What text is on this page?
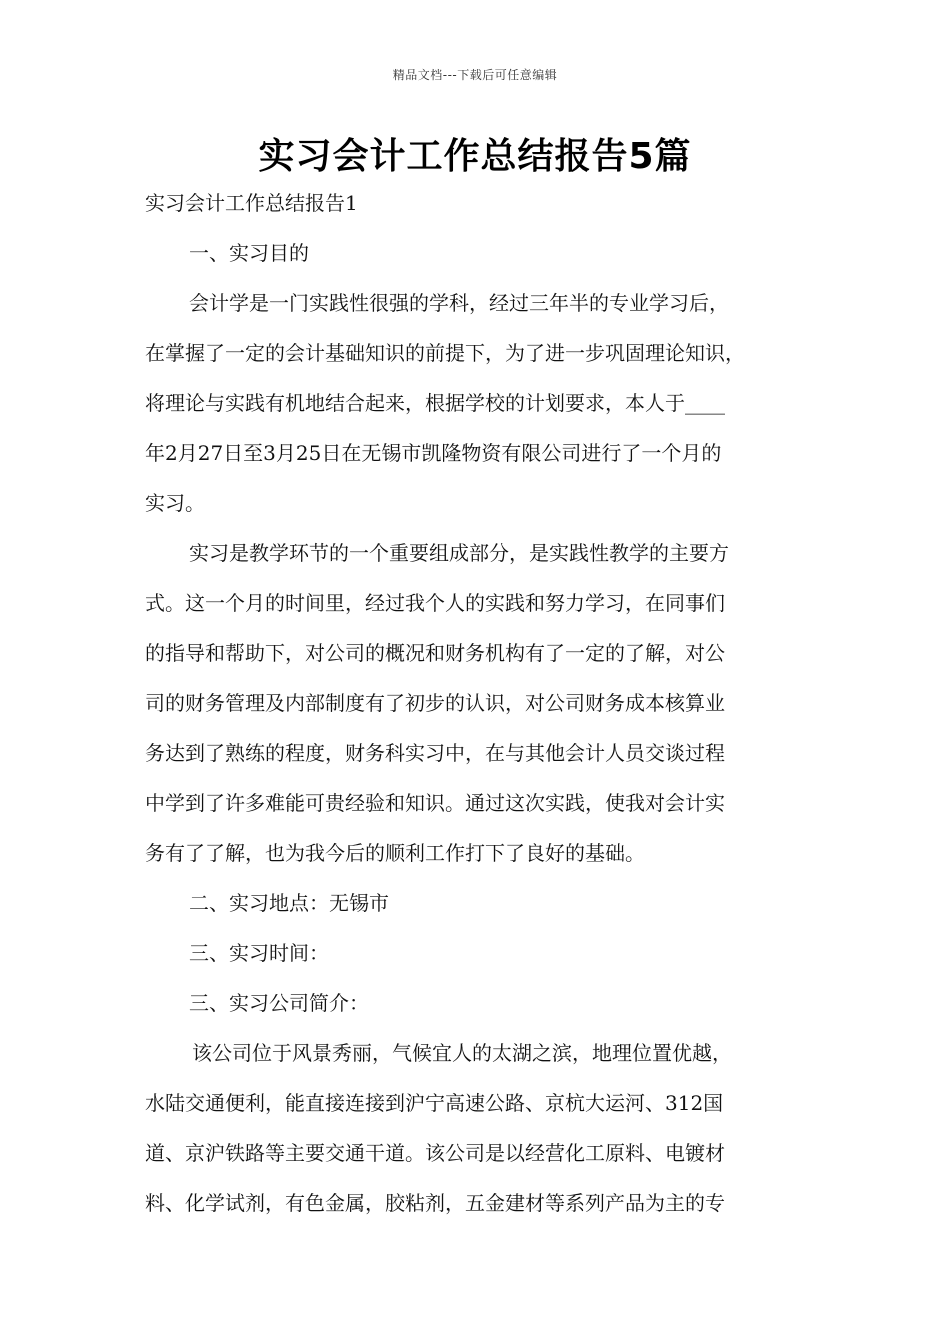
精品文档---下载后可任意编辑
实习会计工作总结报告5篇
实习会计工作总结报告1
一、实习目的
会计学是一门实践性很强的学科，经过三年半的专业学习后，
在掌握了一定的会计基础知识的前提下，为了进一步巩固理论知识，
将理论与实践有机地结合起来，根据学校的计划要求，本人于____
年2月27日至3月25日在无锡市凯隆物资有限公司进行了一个月的
实习。
实习是教学环节的一个重要组成部分，是实践性教学的主要方
式。这一个月的时间里，经过我个人的实践和努力学习，在同事们
的指导和帮助下，对公司的概况和财务机构有了一定的了解，对公
司的财务管理及内部制度有了初步的认识，对公司财务成本核算业
务达到了熟练的程度，财务科实习中，在与其他会计人员交谈过程
中学到了许多难能可贵经验和知识。通过这次实践，使我对会计实
务有了了解，也为我今后的顺利工作打下了良好的基础。
二、实习地点：无锡市
三、实习时间：
三、实习公司简介：
该公司位于风景秀丽，气候宜人的太湖之滨，地理位置优越，
水陆交通便利，能直接连接到沪宁高速公路、京杭大运河、312国
道、京沪铁路等主要交通干道。该公司是以经营化工原料、电镀材
料、化学试剂，有色金属，胶粘剂，五金建材等系列产品为主的专
